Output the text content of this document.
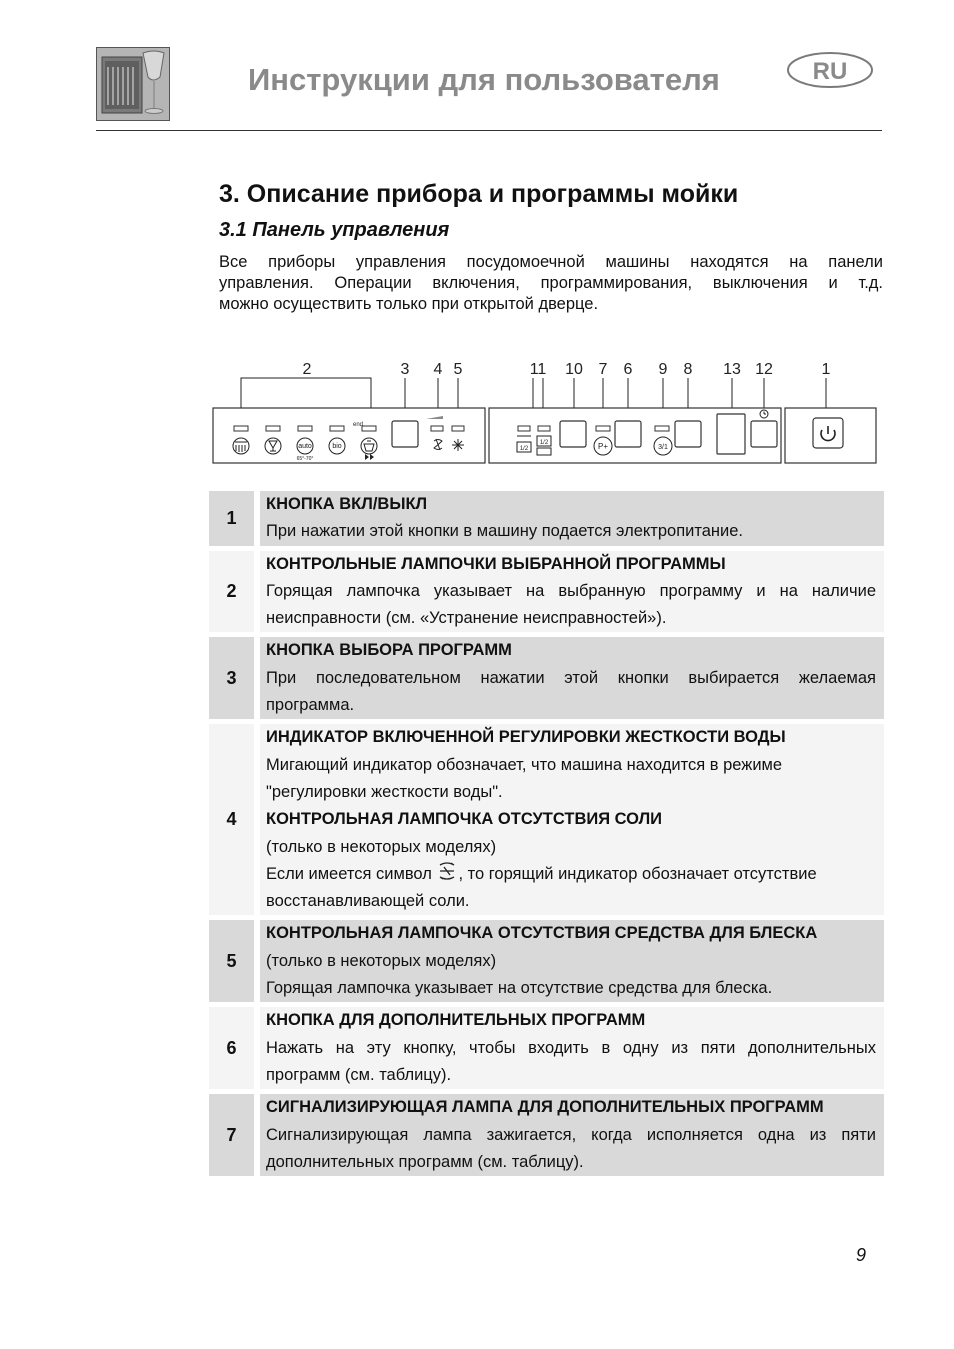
Инструкции для пользователя	RU
3. Описание прибора и программы мойки
3.1 Панель управления
Все приборы управления посудомоечной машины находятся на панели
управления. Операции включения, программирования, выключения и т.д.
можно осуществить только при открытой дверце.
2	3 4 5	11 10 7 6 9 8 13 12	1
auto
65°-70°
bio
end
1/2
1/2	P+	3/1
1
КНОПКА ВКЛ/ВЫКЛ
При нажатии этой кнопки в машину подается электропитание.
2
КОНТРОЛЬНЫЕ ЛАМПОЧКИ ВЫБРАННОЙ ПРОГРАММЫ
Горящая лампочка указывает на выбранную программу и на наличие
неисправности (см. «Устранение неисправностей»).
3
КНОПКА ВЫБОРА ПРОГРАММ
При последовательном нажатии этой кнопки выбирается желаемая
программа.
4
ИНДИКАТОР ВКЛЮЧЕННОЙ РЕГУЛИРОВКИ ЖЕСТКОСТИ ВОДЫ
Мигающий индикатор обозначает, что машина находится в режиме
"регулировки жесткости воды".
КОНТРОЛЬНАЯ ЛАМПОЧКА ОТСУТСТВИЯ СОЛИ
(только в некоторых моделях)
Если имеется символ , то горящий индикатор обозначает отсутствие
восстанавливающей соли.
5
КОНТРОЛЬНАЯ ЛАМПОЧКА ОТСУТСТВИЯ СРЕДСТВА ДЛЯ БЛЕСКА
(только в некоторых моделях)
Горящая лампочка указывает на отсутствие средства для блеска.
6
КНОПКА ДЛЯ ДОПОЛНИТЕЛЬНЫХ ПРОГРАММ
Нажать на эту кнопку, чтобы входить в одну из пяти дополнительных
программ (см. таблицу).
7
СИГНАЛИЗИРУЮЩАЯ ЛАМПА ДЛЯ ДОПОЛНИТЕЛЬНЫХ ПРОГРАММ
Сигнализирующая лампа зажигается, когда исполняется одна из пяти
дополнительных программ (см. таблицу).
9
